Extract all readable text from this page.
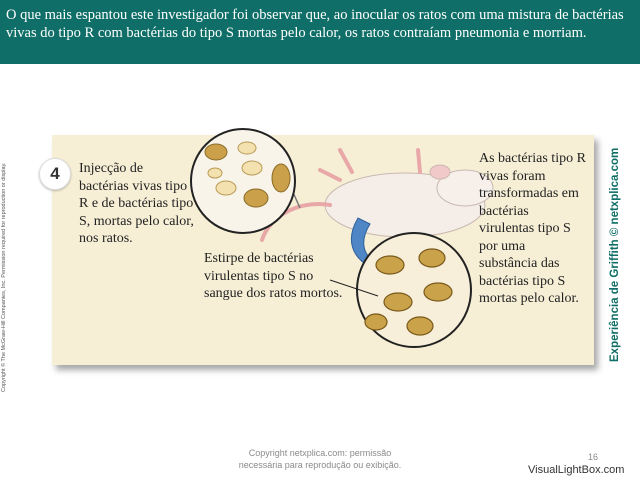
O que mais espantou este investigador foi observar que, ao inocular os ratos com uma mistura de bactérias vivas do tipo R com bactérias do tipo S mortas pelo calor, os ratos contraíam pneumonia e morriam.
Copyright © The McGraw-Hill Companies, Inc. Permission required for reproduction or display.	4	Injecção de bactérias vivas tipo R e de bactérias tipo S, mortas pelo calor, nos ratos.
Estirpe de bactérias virulentas tipo S no sangue dos ratos mortos.
As bactérias tipo R vivas foram transformadas em bactérias virulentas tipo S por uma substância das bactérias tipo S mortas pelo calor.	Experiência de Griffith © netxplica.com
Copyright netxplica.com: permissão
necessária para reprodução ou exibição.
16
VisualLightBox.com
